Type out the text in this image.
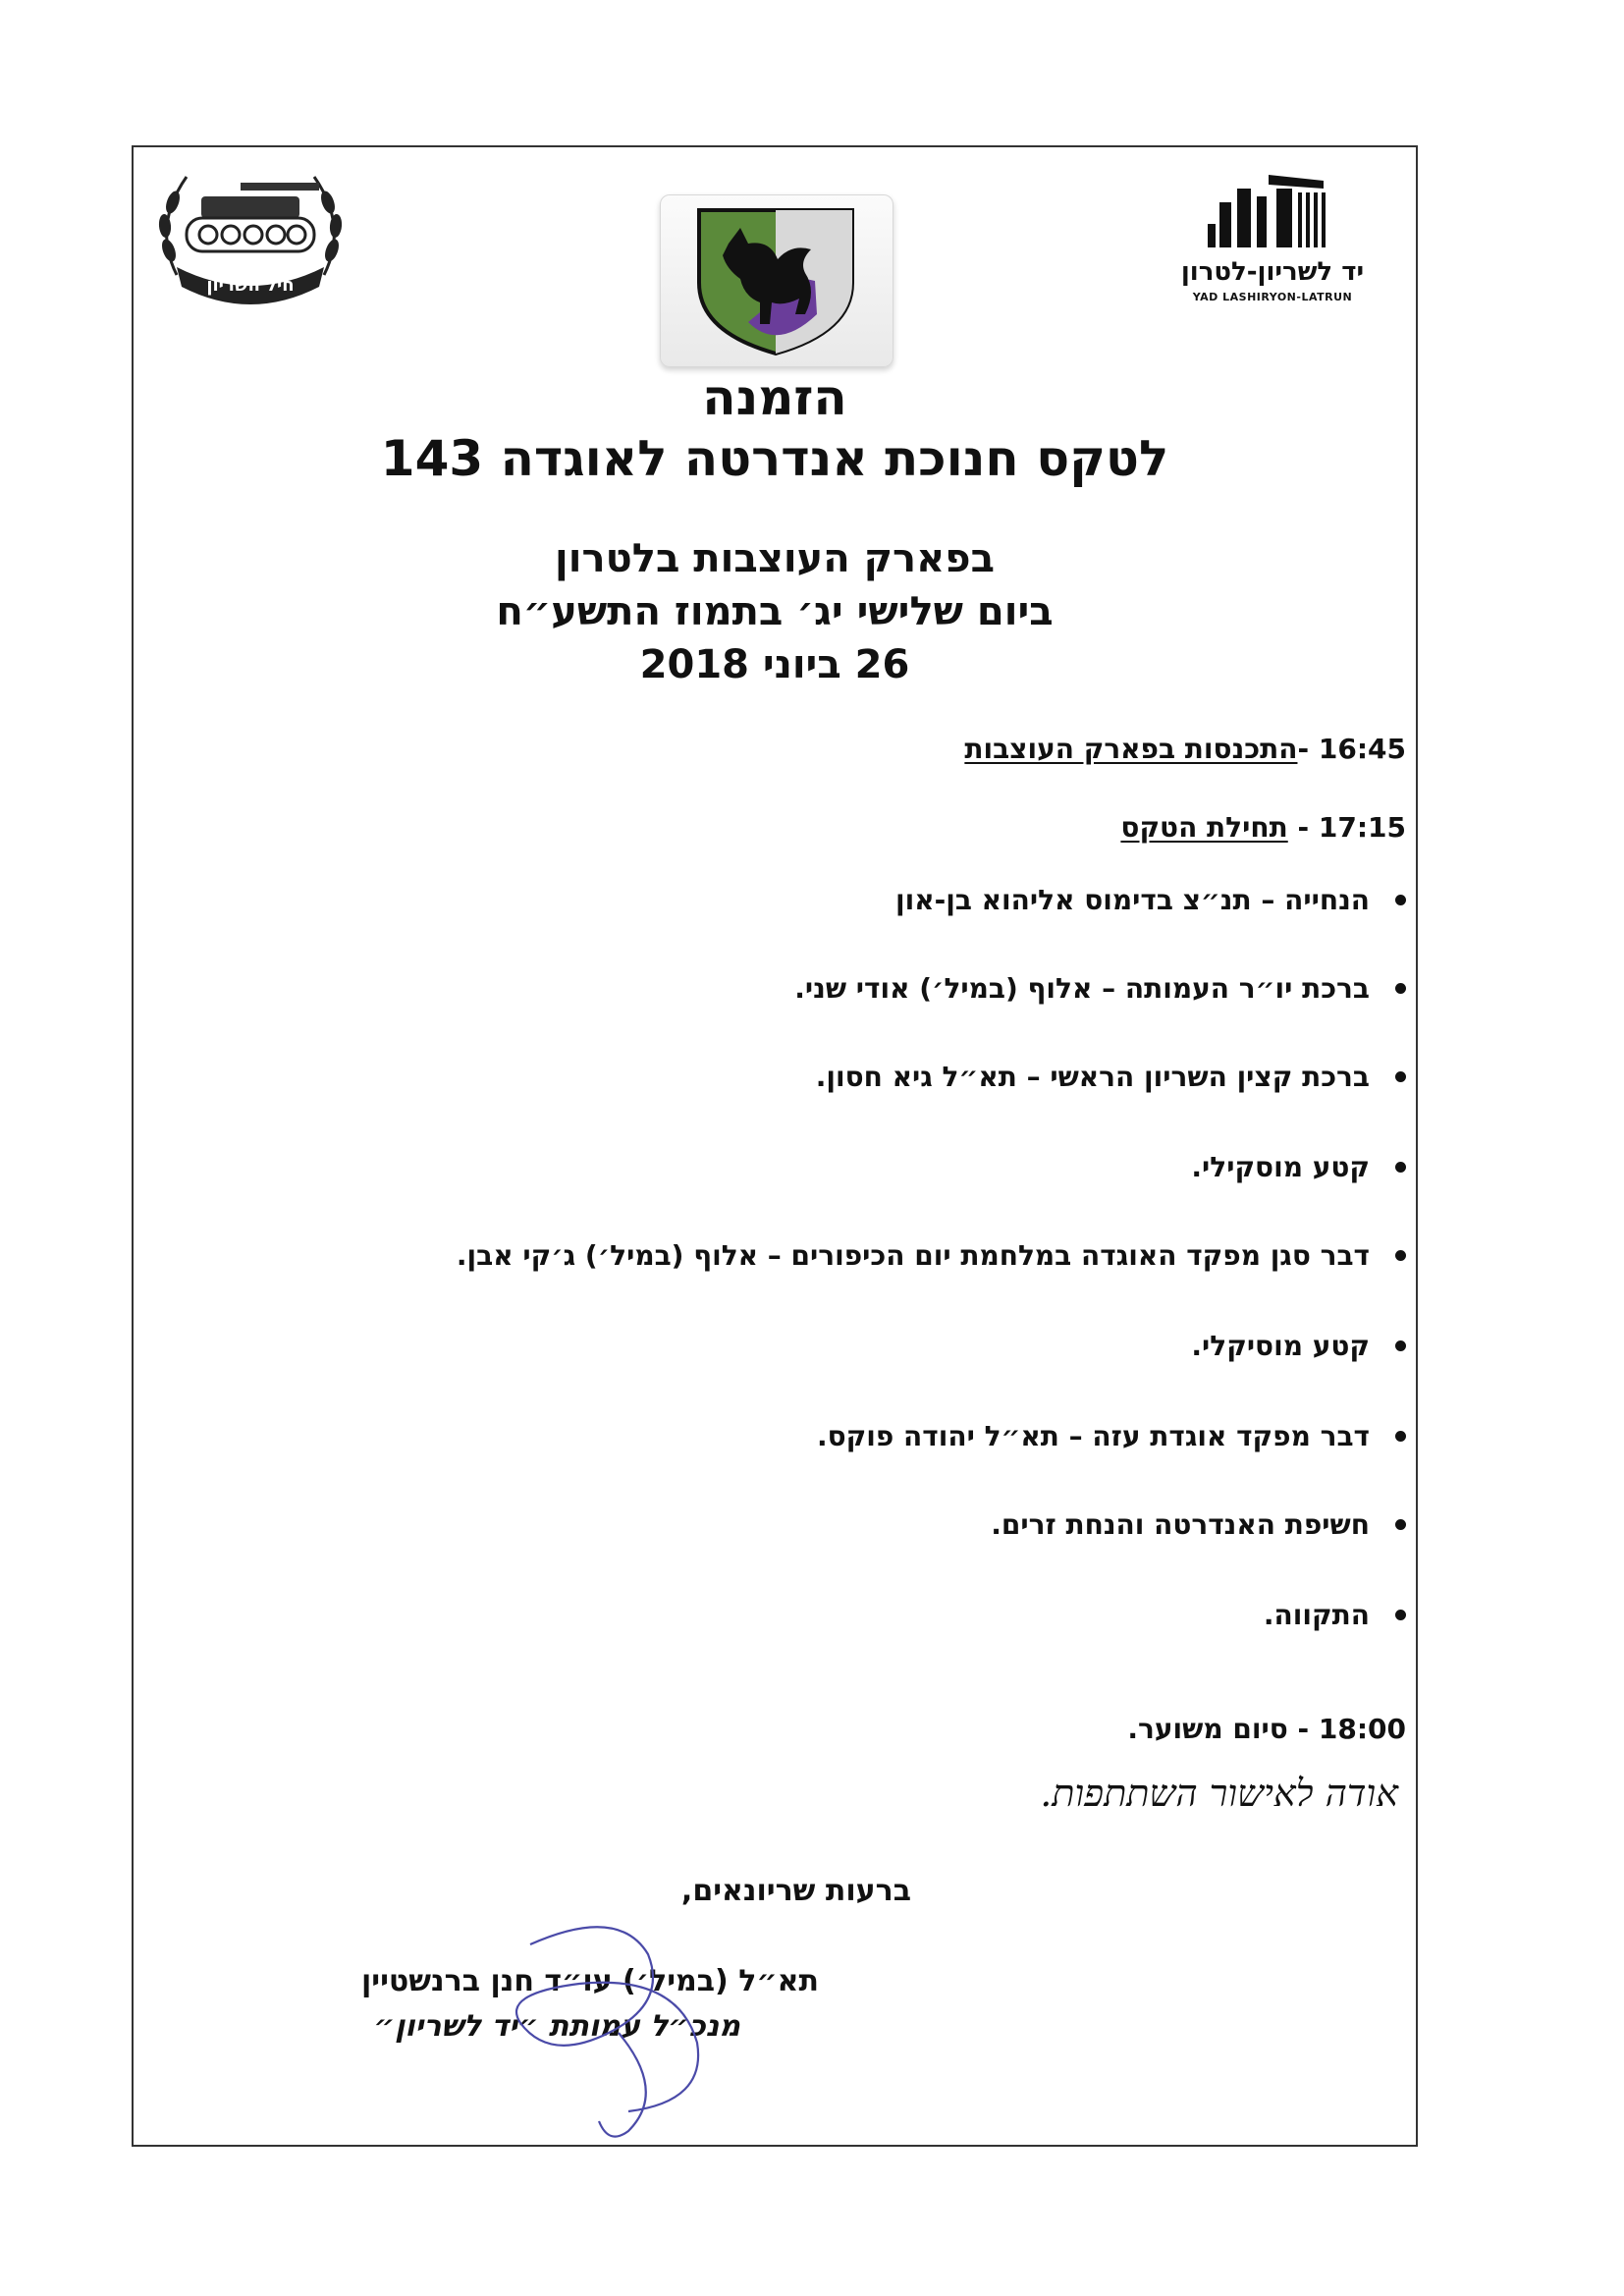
חיל השריון	יד לשריון-לטרון
YAD LASHIRYON-LATRUN
הזמנה
לטקס חנוכת אנדרטה לאוגדה 143
בפארק העוצבות בלטרון
ביום שלישי יג׳ בתמוז התשע״ח
26 ביוני 2018
התכנסות בפארק העוצבות- 16:45
תחילת הטקס - 17:15
הנחייה – תנ״צ בדימוס אליהוא בן-און
ברכת יו״ר העמותה – אלוף (במיל׳) אודי שני.
ברכת קצין השריון הראשי – תא״ל גיא חסון.
קטע מוסקילי.
דבר סגן מפקד האוגדה במלחמת יום הכיפורים – אלוף (במיל׳) ג׳קי אבן.
קטע מוסיקלי.
דבר מפקד אוגדת עזה – תא״ל יהודה פוקס.
חשיפת האנדרטה והנחת זרים.
התקווה.
סיום משוער. - 18:00
אודה לאישור השתתפות.
ברעות שריונאים,
תא״ל (במיל׳) עו״ד חנן ברנשטיין
מנכ״ל עמותת ״יד לשריון״
